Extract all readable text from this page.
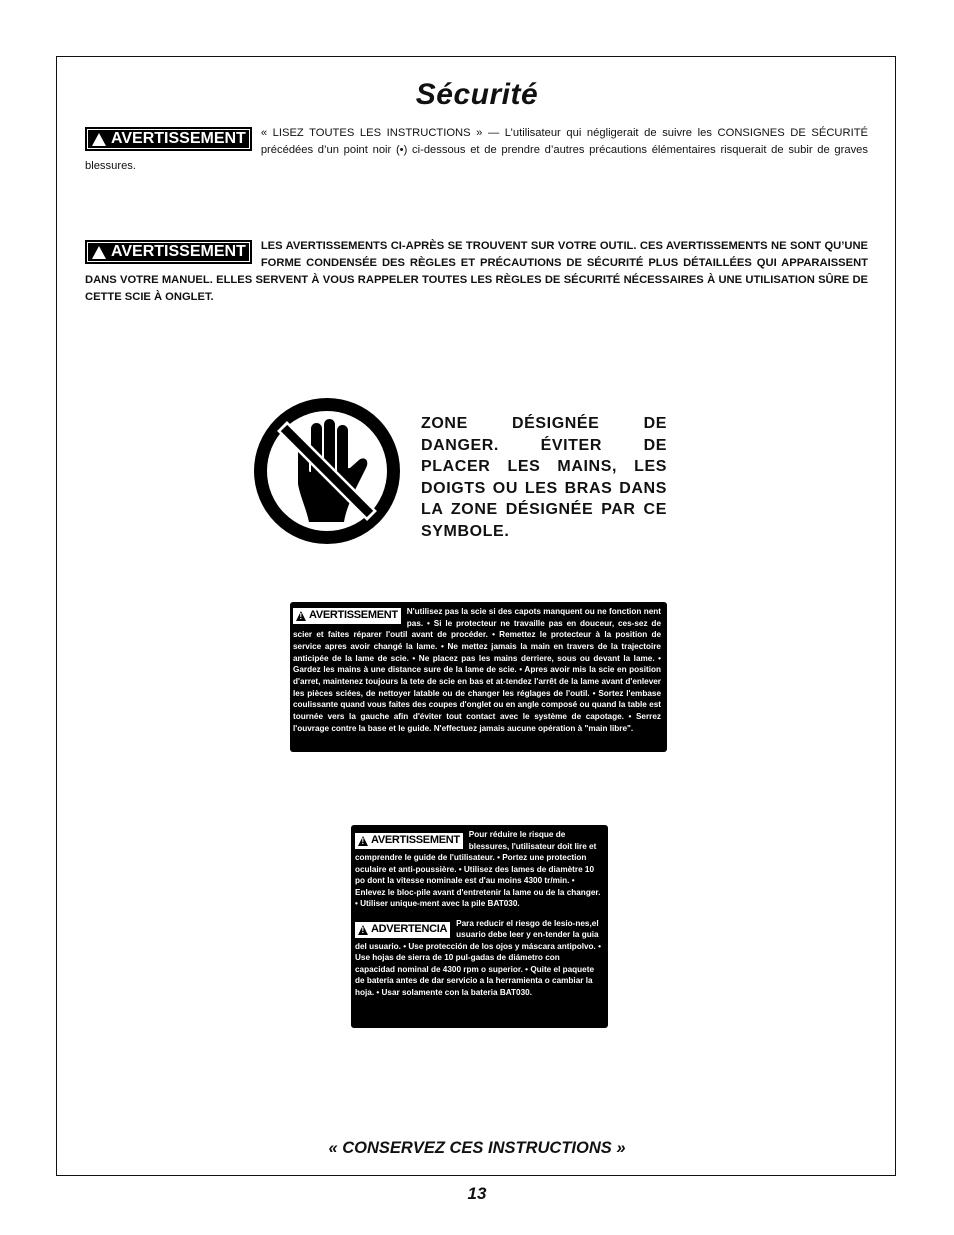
Sécurité
AVERTISSEMENT « LISEZ TOUTES LES INSTRUCTIONS » — L’utilisateur qui négligerait de suivre les CONSIGNES DE SÉCURITÉ précédées d’un point noir (•) ci-dessous et de prendre d’autres précautions élémentaires risquerait de subir de graves blessures.
AVERTISSEMENT LES AVERTISSEMENTS CI-APRÈS SE TROUVENT SUR VOTRE OUTIL. CES AVERTISSEMENTS NE SONT QU’UNE FORME CONDENSÉE DES RÈGLES ET PRÉCAUTIONS DE SÉCURITÉ PLUS DÉTAILLÉES QUI APPARAISSENT DANS VOTRE MANUEL. ELLES SERVENT À VOUS RAPPELER TOUTES LES RÈGLES DE SÉCURITÉ NÉCESSAIRES À UNE UTILISATION SÛRE DE CETTE SCIE À ONGLET.
ZONE DÉSIGNÉE DE DANGER. ÉVITER DE PLACER LES MAINS, LES DOIGTS OU LES BRAS DANS LA ZONE DÉSIGNÉE PAR CE SYMBOLE.
!
AVERTISSEMENT N'utilisez pas la scie si des capots manquent ou ne fonction nent pas. • Si le protecteur ne travaille pas en douceur, ces-sez de scier et faites réparer l'outil avant de procéder. • Remettez le protecteur à la position de service apres avoir changé la lame. • Ne mettez jamais la main en travers de la trajectoire anticipée de la lame de scie. • Ne placez pas les mains derriere, sous ou devant la lame. • Gardez les mains à une distance sure de la lame de scie. • Apres avoir mis la scie en position d'arret, maintenez toujours la tete de scie en bas et at-tendez l'arrêt de la lame avant d'enlever les pièces sciées, de nettoyer latable ou de changer les réglages de l'outil. • Sortez l'embase coulissante quand vous faites des coupes d'onglet ou en angle composé ou quand la table est tournée vers la gauche afin d'éviter tout contact avec le système de capotage. • Serrez l'ouvrage contre la base et le guide. N'effectuez jamais aucune opération à "main libre".
!
AVERTISSEMENT Pour réduire le risque de blessures, l'utilisateur doit lire et comprendre le guide de l'utilisateur. • Portez une protection oculaire et anti-poussière. • Utilisez des lames de diamètre 10 po dont la vitesse nominale est d'au moins 4300 tr/min. • Enlevez le bloc-pile avant d'entretenir la lame ou de la changer. • Utiliser unique-ment avec la pile BAT030.
!
ADVERTENCIA Para reducir el riesgo de lesio-nes,el usuario debe leer y en-tender la guia del usuario. • Use protección de los ojos y máscara antipolvo. • Use hojas de sierra de 10 pul-gadas de diámetro con capacidad nominal de 4300 rpm o superior. • Quite el paquete de batería antes de dar servicio a la herramienta o cambiar la hoja. • Usar solamente con la bateria BAT030.
« CONSERVEZ CES INSTRUCTIONS »
13
